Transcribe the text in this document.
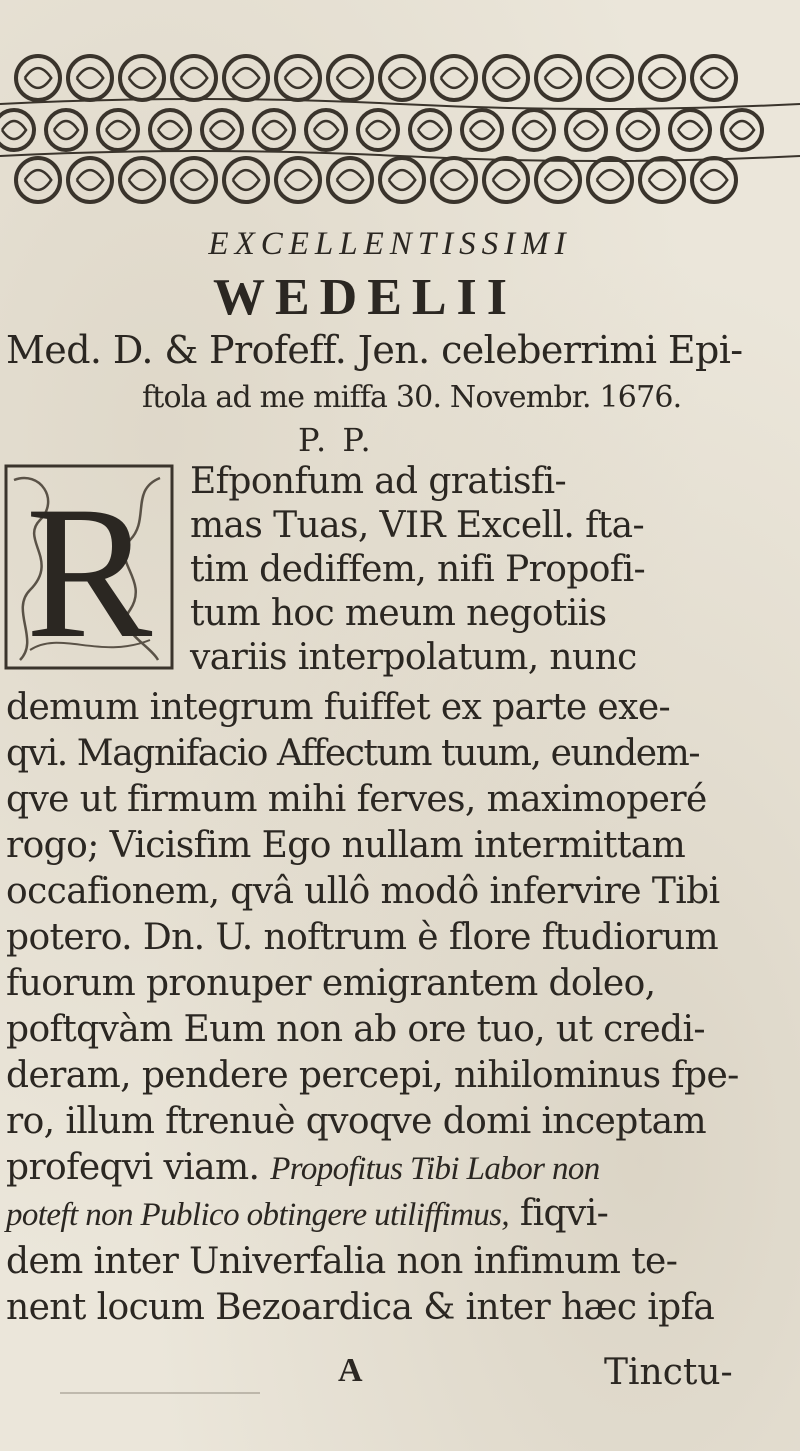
EXCELLENTISSIMI
WEDELII
Med. D. & Profeff. Jen. celeberrimi Epi-
ftola ad me miffa 30. Novembr. 1676.
P. P.
R Efponfum ad gratisfi-
mas Tuas, VIR Excell. fta-
tim dediffem, nifi Propofi-
tum hoc meum negotiis
variis interpolatum, nunc
demum integrum fuiffet ex parte exe-
qvi. Magnifacio Affectum tuum, eundem-
qve ut firmum mihi ferves, maximoperé
rogo; Vicisfim Ego nullam intermittam
occafionem, qvâ ullô modô infervire Tibi
potero. Dn. U. noftrum è flore ftudiorum
fuorum pronuper emigrantem doleo,
poftqvàm Eum non ab ore tuo, ut credi-
deram, pendere percepi, nihilominus fpe-
ro, illum ftrenuè qvoqve domi inceptam
profeqvi viam. Propofitus Tibi Labor non
poteft non Publico obtingere utiliffimus, fiqvi-
dem inter Univerfalia non infimum te-
nent locum Bezoardica & inter hæc ipfa
A	Tinctu-
